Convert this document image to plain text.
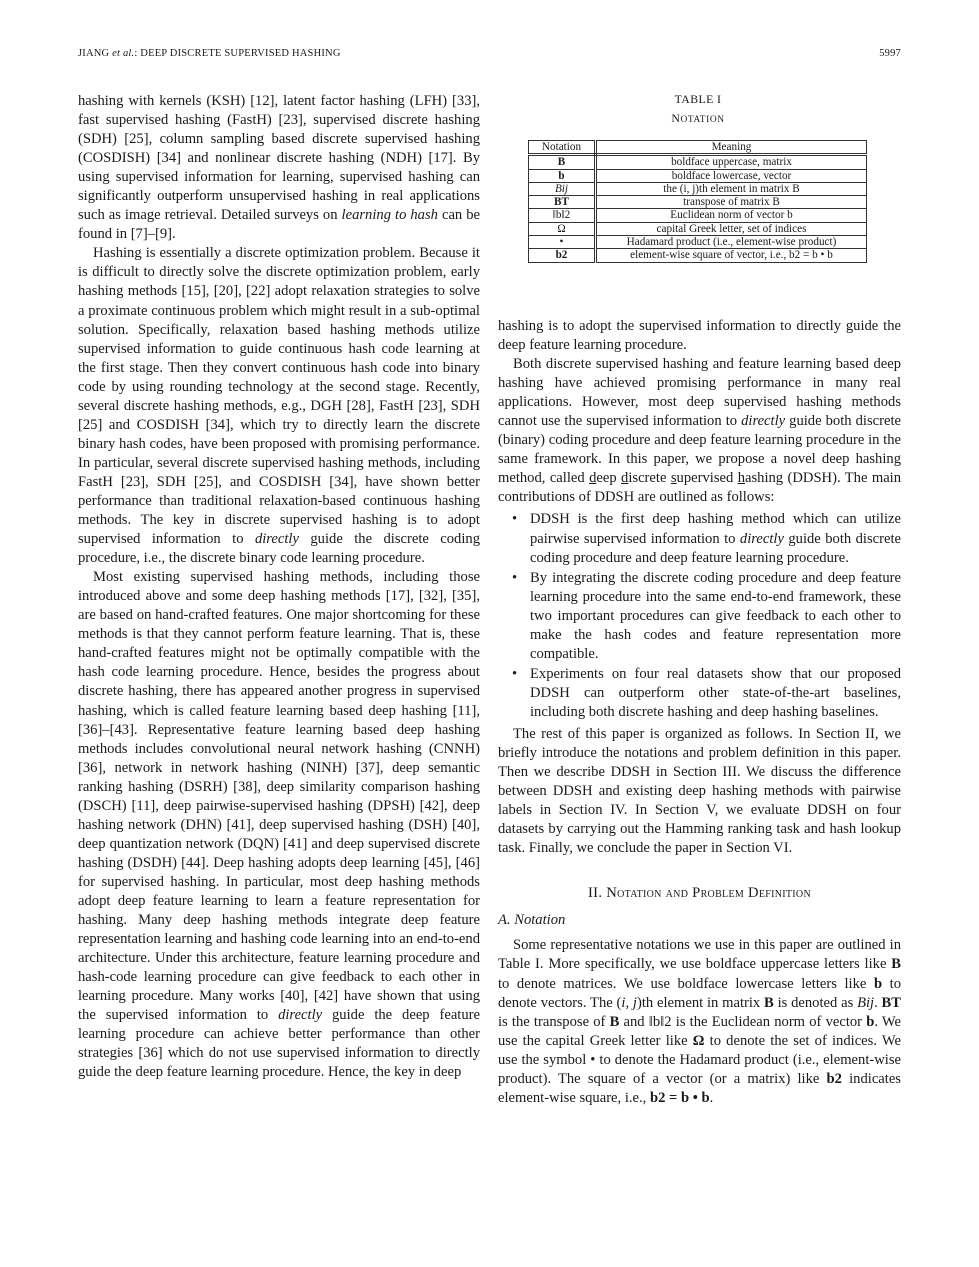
JIANG et al.: DEEP DISCRETE SUPERVISED HASHING	5997

hashing with kernels (KSH) [12], latent factor hashing (LFH) [33], fast supervised hashing (FastH) [23], supervised discrete hashing (SDH) [25], column sampling based discrete supervised hashing (COSDISH) [34] and nonlinear discrete hashing (NDH) [17]. By using supervised information for learning, supervised hashing can significantly outperform unsupervised hashing in real applications such as image retrieval. Detailed surveys on learning to hash can be found in [7]–[9].

Hashing is essentially a discrete optimization problem. Because it is difficult to directly solve the discrete optimization problem, early hashing methods [15], [20], [22] adopt relaxation strategies to solve a proximate continuous problem which might result in a sub-optimal solution. Specifically, relaxation based hashing methods utilize supervised information to guide continuous hash code learning at the first stage. Then they convert continuous hash code into binary code by using rounding technology at the second stage. Recently, several discrete hashing methods, e.g., DGH [28], FastH [23], SDH [25] and COSDISH [34], which try to directly learn the discrete binary hash codes, have been proposed with promising performance. In particular, several discrete supervised hashing methods, including FastH [23], SDH [25], and COSDISH [34], have shown better performance than traditional relaxation-based continuous hashing methods. The key in discrete supervised hashing is to adopt supervised information to directly guide the discrete coding procedure, i.e., the discrete binary code learning procedure.

Most existing supervised hashing methods, including those introduced above and some deep hashing methods [17], [32], [35], are based on hand-crafted features. One major shortcoming for these methods is that they cannot perform feature learning. That is, these hand-crafted features might not be optimally compatible with the hash code learning procedure. Hence, besides the progress about discrete hashing, there has appeared another progress in supervised hashing, which is called feature learning based deep hashing [11], [36]–[43]. Representative feature learning based deep hashing methods includes convolutional neural network hashing (CNNH) [36], network in network hashing (NINH) [37], deep semantic ranking hashing (DSRH) [38], deep similarity comparison hashing (DSCH) [11], deep pairwise-supervised hashing (DPSH) [42], deep hashing network (DHN) [41], deep supervised hashing (DSH) [40], deep quantization network (DQN) [41] and deep supervised discrete hashing (DSDH) [44]. Deep hashing adopts deep learning [45], [46] for supervised hashing. In particular, most deep hashing methods adopt deep feature learning to learn a feature representation for hashing. Many deep hashing methods integrate deep feature representation learning and hashing code learning into an end-to-end architecture. Under this architecture, feature learning procedure and hash-code learning procedure can give feedback to each other in learning procedure. Many works [40], [42] have shown that using the supervised information to directly guide the deep feature learning procedure can achieve better performance than other strategies [36] which do not use supervised information to directly guide the deep feature learning procedure. Hence, the key in deep

TABLE I
NOTATION
Notation	Meaning
B	boldface uppercase, matrix
b	boldface lowercase, vector
Bij	the (i, j)th element in matrix B
BT	transpose of matrix B
‖b‖2	Euclidean norm of vector b
Ω	capital Greek letter, set of indices
•	Hadamard product (i.e., element-wise product)
b2	element-wise square of vector, i.e., b2 = b • b

hashing is to adopt the supervised information to directly guide the deep feature learning procedure.

Both discrete supervised hashing and feature learning based deep hashing have achieved promising performance in many real applications. However, most deep supervised hashing methods cannot use the supervised information to directly guide both discrete (binary) coding procedure and deep feature learning procedure in the same framework. In this paper, we propose a novel deep hashing method, called deep discrete supervised hashing (DDSH). The main contributions of DDSH are outlined as follows:

• DDSH is the first deep hashing method which can utilize pairwise supervised information to directly guide both discrete coding procedure and deep feature learning procedure.
• By integrating the discrete coding procedure and deep feature learning procedure into the same end-to-end framework, these two important procedures can give feedback to each other to make the hash codes and feature representation more compatible.
• Experiments on four real datasets show that our proposed DDSH can outperform other state-of-the-art baselines, including both discrete hashing and deep hashing baselines.

The rest of this paper is organized as follows. In Section II, we briefly introduce the notations and problem definition in this paper. Then we describe DDSH in Section III. We discuss the difference between DDSH and existing deep hashing methods with pairwise labels in Section IV. In Section V, we evaluate DDSH on four datasets by carrying out the Hamming ranking task and hash lookup task. Finally, we conclude the paper in Section VI.

II. Notation and Problem Definition
A. Notation

Some representative notations we use in this paper are outlined in Table I. More specifically, we use boldface uppercase letters like B to denote matrices. We use boldface lowercase letters like b to denote vectors. The (i, j)th element in matrix B is denoted as Bij. BT is the transpose of B and ‖b‖2 is the Euclidean norm of vector b. We use the capital Greek letter like Ω to denote the set of indices. We use the symbol • to denote the Hadamard product (i.e., element-wise product). The square of a vector (or a matrix) like b2 indicates element-wise square, i.e., b2 = b • b.
